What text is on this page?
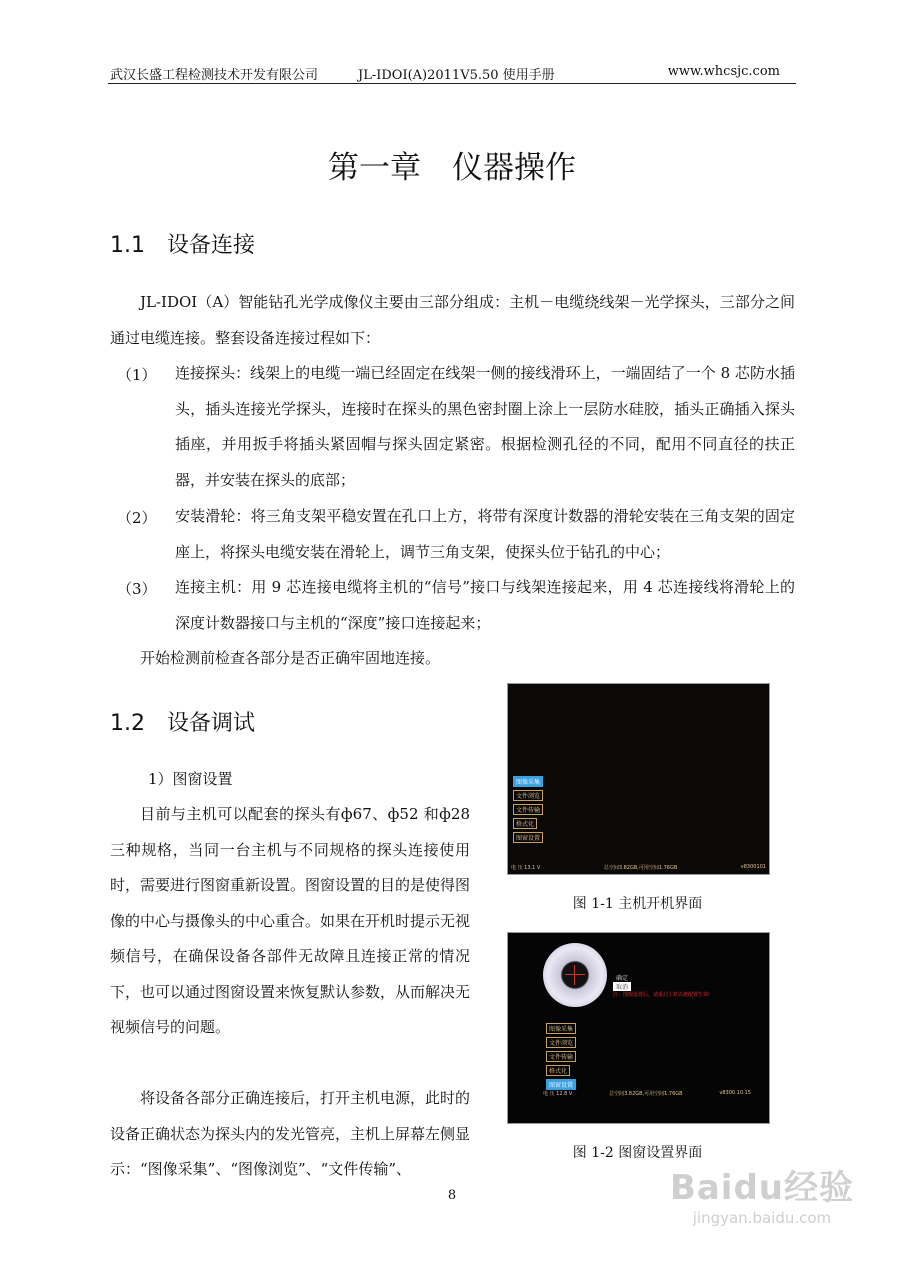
武汉长盛工程检测技术开发有限公司	JL-IDOI(A)2011V5.50 使用手册	www.whcsjc.com
第一章　仪器操作
1.1　设备连接
JL-IDOI（A）智能钻孔光学成像仪主要由三部分组成：主机－电缆绕线架－光学探头，三部分之间通过电缆连接。整套设备连接过程如下：
（1） 连接探头：线架上的电缆一端已经固定在线架一侧的接线滑环上，一端固结了一个 8 芯防水插头，插头连接光学探头，连接时在探头的黑色密封圈上涂上一层防水硅胶，插头正确插入探头插座，并用扳手将插头紧固帽与探头固定紧密。根据检测孔径的不同，配用不同直径的扶正器，并安装在探头的底部；
（2） 安装滑轮：将三角支架平稳安置在孔口上方，将带有深度计数器的滑轮安装在三角支架的固定座上，将探头电缆安装在滑轮上，调节三角支架，使探头位于钻孔的中心；
（3） 连接主机：用 9 芯连接电缆将主机的“信号”接口与线架连接起来，用 4 芯连接线将滑轮上的深度计数器接口与主机的“深度”接口连接起来；
开始检测前检查各部分是否正确牢固地连接。
1.2　设备调试
1）图窗设置
目前与主机可以配套的探头有ф67、ф52 和ф28 三种规格，当同一台主机与不同规格的探头连接使用时，需要进行图窗重新设置。图窗设置的目的是使得图像的中心与摄像头的中心重合。如果在开机时提示无视频信号，在确保设备各部件无故障且连接正常的情况下，也可以通过图窗设置来恢复默认参数，从而解决无视频信号的问题。
将设备各部分正确连接后，打开主机电源，此时的设备正确状态为探头内的发光管亮，主机上屏幕左侧显示：“图像采集”、“图像浏览”、“文件传输”、
图像采集
文件浏览
文件传输
格式化
图窗设置
电 压 13.1 V	总空间3.82GB,可用空间1.76GB	v8300101
图 1-1 主机开机界面
确定
取消
注：图窗设置后，请重启主机以便配置生效!
图像采集
文件浏览
文件传输
格式化
图窗设置
电 压 12.8 V	总空间3.82GB,可用空间1.76GB	v8300.10.15
图 1-2 图窗设置界面
8	Baidu经验
jingyan.baidu.com
